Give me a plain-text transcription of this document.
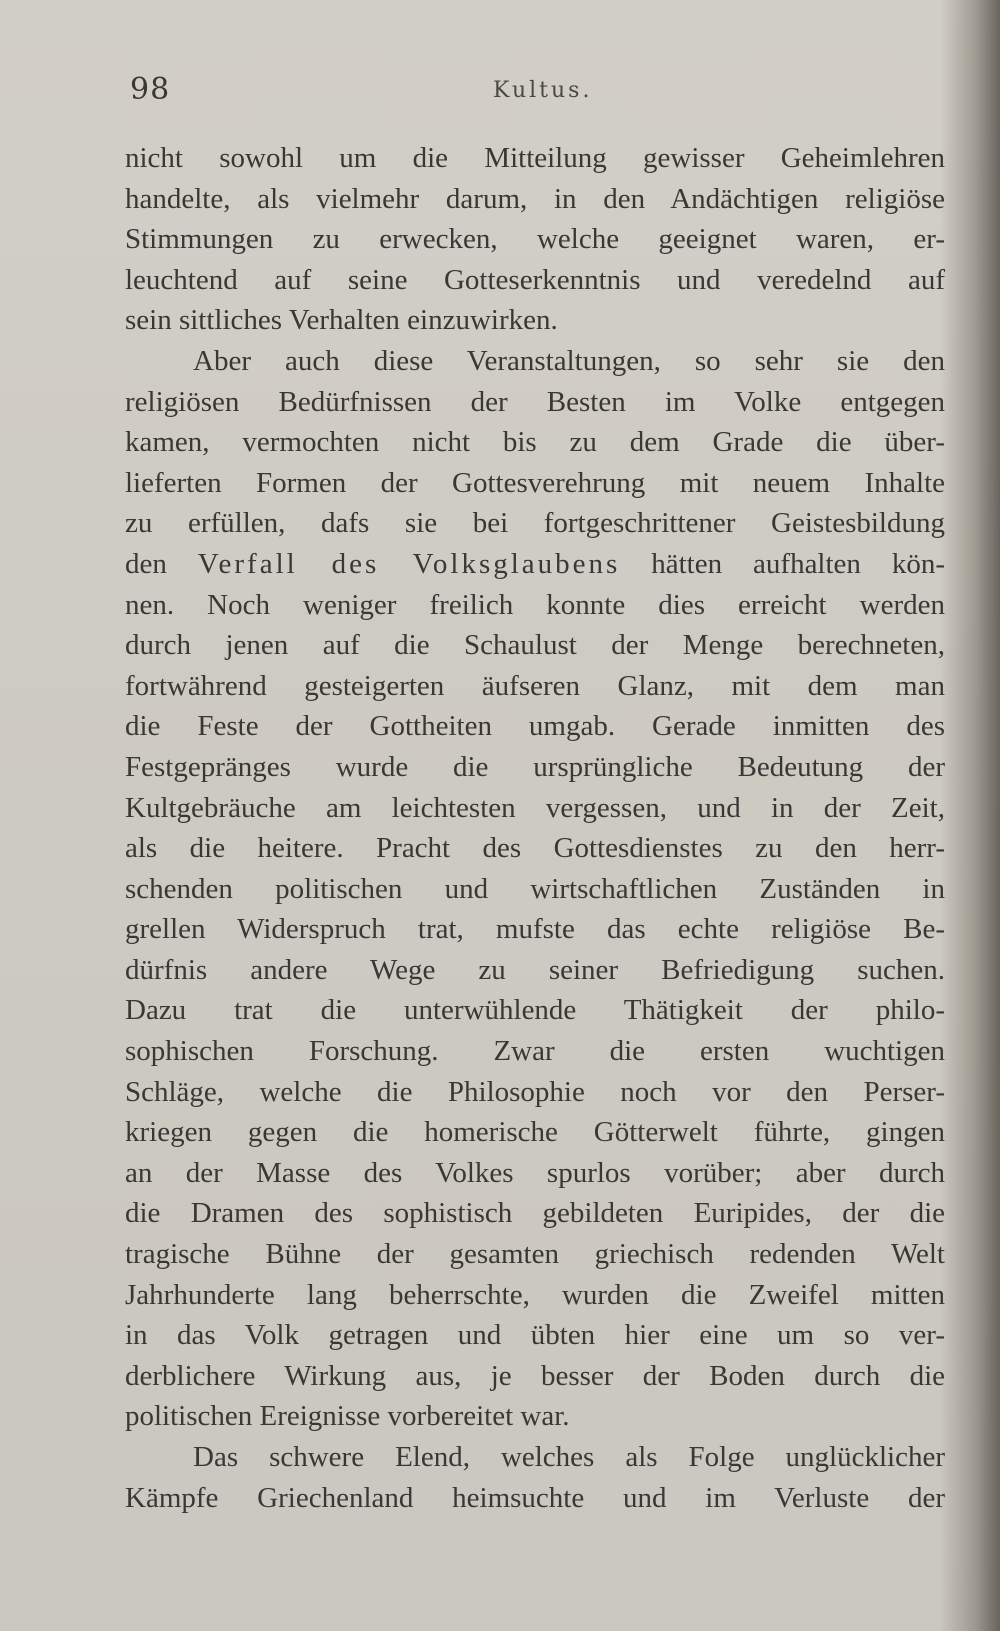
98	Kultus.
nicht sowohl um die Mitteilung gewisser Geheimlehren
handelte, als vielmehr darum, in den Andächtigen religiöse
Stimmungen zu erwecken, welche geeignet waren, er-
leuchtend auf seine Gotteserkenntnis und veredelnd auf
sein sittliches Verhalten einzuwirken.
Aber auch diese Veranstaltungen, so sehr sie den
religiösen Bedürfnissen der Besten im Volke entgegen
kamen, vermochten nicht bis zu dem Grade die über-
lieferten Formen der Gottesverehrung mit neuem Inhalte
zu erfüllen, dafs sie bei fortgeschrittener Geistesbildung
den Verfall des Volksglaubens hätten aufhalten kön-
nen. Noch weniger freilich konnte dies erreicht werden
durch jenen auf die Schaulust der Menge berechneten,
fortwährend gesteigerten äufseren Glanz, mit dem man
die Feste der Gottheiten umgab. Gerade inmitten des
Festgepränges wurde die ursprüngliche Bedeutung der
Kultgebräuche am leichtesten vergessen, und in der Zeit,
als die heitere. Pracht des Gottesdienstes zu den herr-
schenden politischen und wirtschaftlichen Zuständen in
grellen Widerspruch trat, mufste das echte religiöse Be-
dürfnis andere Wege zu seiner Befriedigung suchen.
Dazu trat die unterwühlende Thätigkeit der philo-
sophischen Forschung. Zwar die ersten wuchtigen
Schläge, welche die Philosophie noch vor den Perser-
kriegen gegen die homerische Götterwelt führte, gingen
an der Masse des Volkes spurlos vorüber; aber durch
die Dramen des sophistisch gebildeten Euripides, der die
tragische Bühne der gesamten griechisch redenden Welt
Jahrhunderte lang beherrschte, wurden die Zweifel mitten
in das Volk getragen und übten hier eine um so ver-
derblichere Wirkung aus, je besser der Boden durch die
politischen Ereignisse vorbereitet war.
Das schwere Elend, welches als Folge unglücklicher
Kämpfe Griechenland heimsuchte und im Verluste der
